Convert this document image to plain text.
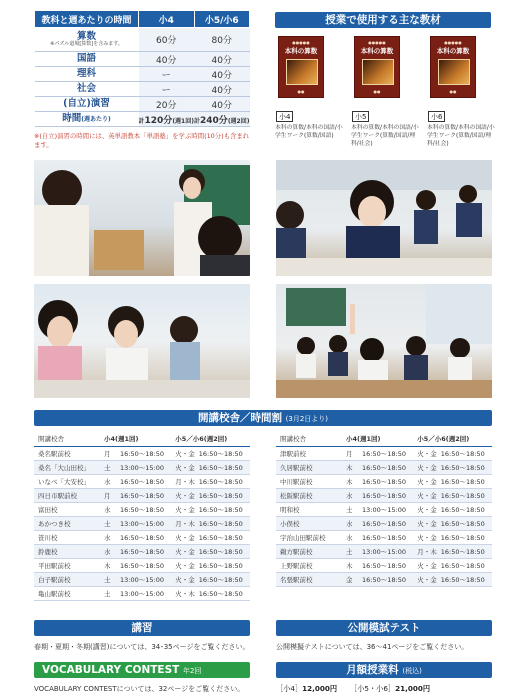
教科と週あたりの時間	小4	小5/小6
算数
※パズル道場[算数]を含みます。	60分	80分
国語	40分	40分
理科	ー	40分
社会	ー	40分
(自立)演習	20分	40分
時間(週あたり)	計120分(週1回)	計240分(週2回)
※(自立)演習の時間には、英単語教本「単語塾」を学ぶ時間(10分)も含まれます。
授業で使用する主な教材
●●●●●
本科の算数
●●
●●●●●
本科の算数
●●
●●●●●
本科の算数
●●
小4	小5	小6
本科の算数/本科の国語/小学生ワーク(算数/国語)
本科の算数/本科の国語/小学生ワーク(算数/国語/理科/社会)
本科の算数/本科の国語/小学生ワーク(算数/国語/理科/社会)
開講校舎／時間割 (3月2日より)
開講校舎	小4(週1回)		小5／小6(週2回)	
桑名駅前校	月	16:50〜18:50	火・金	16:50〜18:50
桑名「大山田校」	土	13:00〜15:00	火・金	16:50〜18:50
いなべ「大安校」	水	16:50〜18:50	月・木	16:50〜18:50
四日市駅前校	月	16:50〜18:50	火・金	16:50〜18:50
富田校	水	16:50〜18:50	火・金	16:50〜18:50
あかつき校	土	13:00〜15:00	月・木	16:50〜18:50
笹川校	水	16:50〜18:50	火・金	16:50〜18:50
鈴鹿校	水	16:50〜18:50	火・金	16:50〜18:50
平田駅前校	木	16:50〜18:50	火・金	16:50〜18:50
白子駅前校	土	13:00〜15:00	火・金	16:50〜18:50
亀山駅前校	土	13:00〜15:00	火・木	16:50〜18:50
開講校舎	小4(週1回)		小5／小6(週2回)	
津駅前校	月	16:50〜18:50	火・金	16:50〜18:50
久居駅前校	木	16:50〜18:50	火・金	16:50〜18:50
中川駅前校	木	16:50〜18:50	火・金	16:50〜18:50
松阪駅前校	水	16:50〜18:50	火・金	16:50〜18:50
明和校	土	13:00〜15:00	火・金	16:50〜18:50
小俣校	水	16:50〜18:50	火・金	16:50〜18:50
宇治山田駅前校	水	16:50〜18:50	火・金	16:50〜18:50
鵜方駅前校	土	13:00〜15:00	月・木	16:50〜18:50
上野駅前校	木	16:50〜18:50	火・金	16:50〜18:50
名張駅前校	金	16:50〜18:50	火・金	16:50〜18:50
講習
春期・夏期・冬期(講習)については、34･35ページをご覧ください。
VOCABULARY CONTEST 年2回
VOCABULARY CONTESTについては、32ページをご覧ください。
公開模試テスト
公開模擬テストについては、36〜41ページをご覧ください。
月額授業料 (税込)
［小4］12,000円 ［小5・小6］21,000円
